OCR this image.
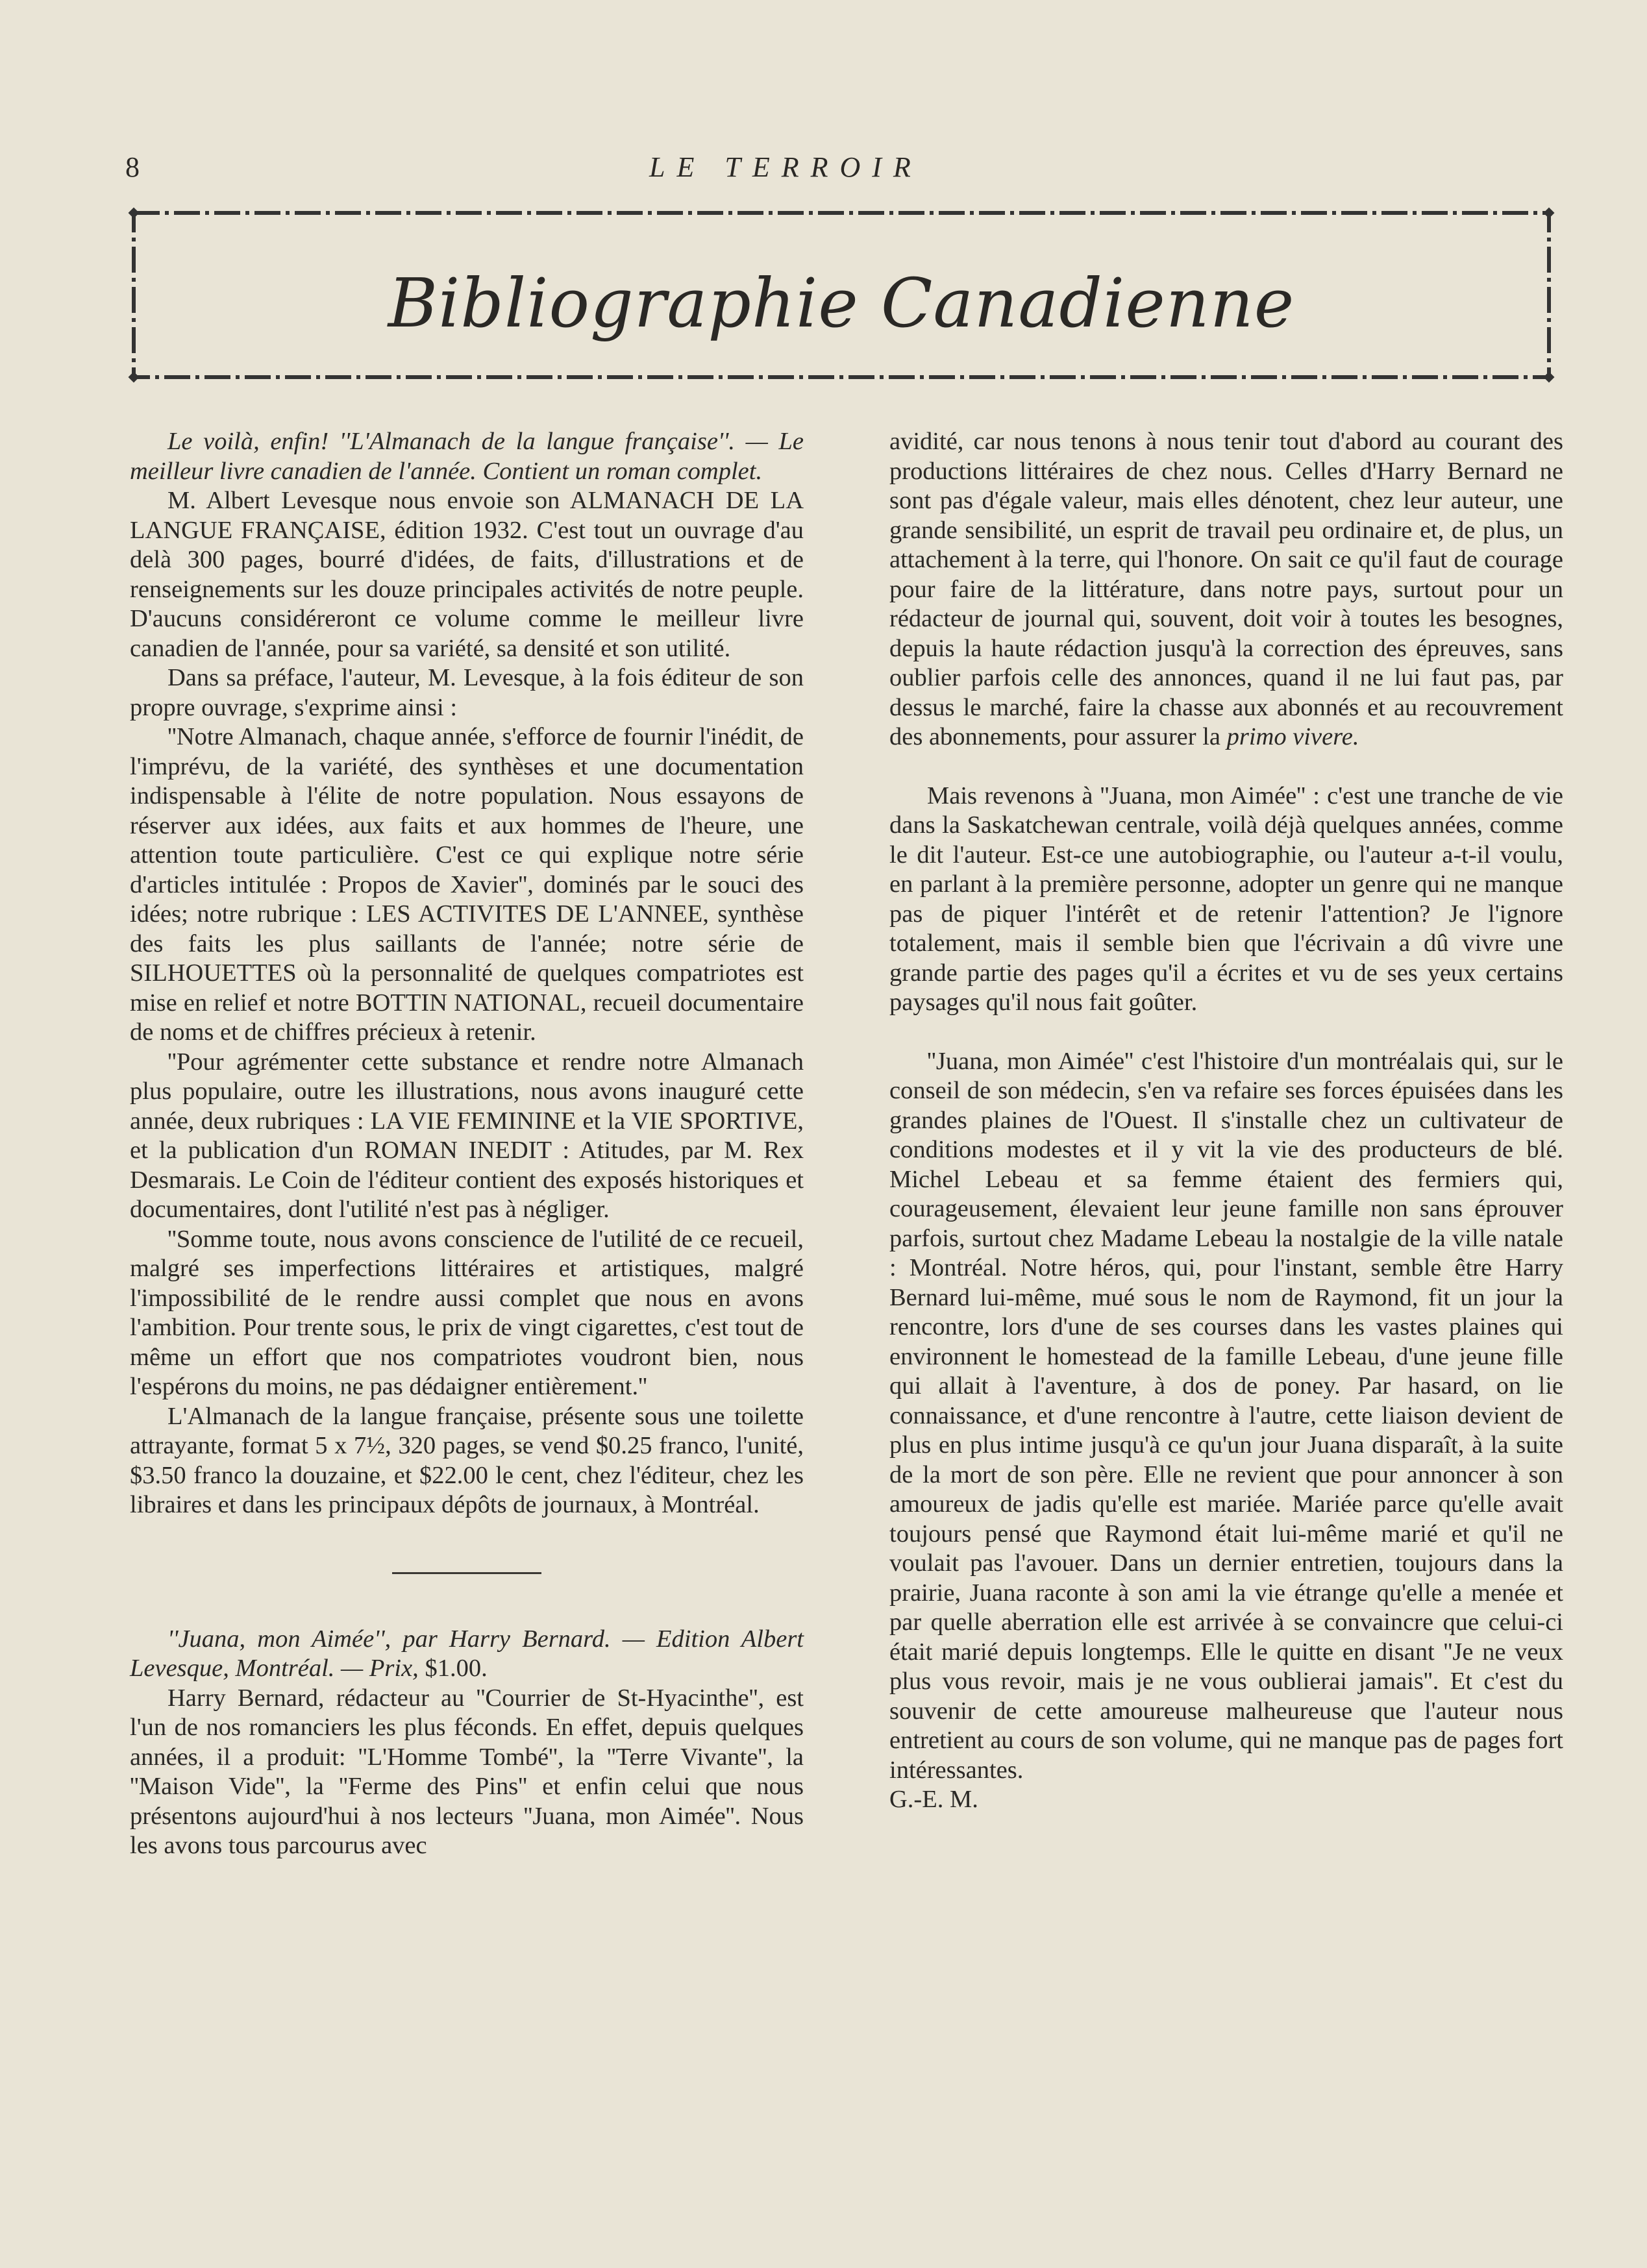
8	LE TERROIR
Bibliographie Canadienne

Le voilà, enfin! ''L'Almanach de la langue française''. — Le meilleur livre canadien de l'année. Contient un roman complet.

M. Albert Levesque nous envoie son ALMANACH DE LA LANGUE FRANÇAISE, édition 1932. C'est tout un ouvrage d'au delà 300 pages, bourré d'idées, de faits, d'illustrations et de renseignements sur les douze principales activités de notre peuple. D'aucuns considéreront ce volume comme le meilleur livre canadien de l'année, pour sa variété, sa densité et son utilité.

Dans sa préface, l'auteur, M. Levesque, à la fois éditeur de son propre ouvrage, s'exprime ainsi :

''Notre Almanach, chaque année, s'efforce de fournir l'inédit, de l'imprévu, de la variété, des synthèses et une documentation indispensable à l'élite de notre population. Nous essayons de réserver aux idées, aux faits et aux hommes de l'heure, une attention toute particulière. C'est ce qui explique notre série d'articles intitulée : Propos de Xavier'', dominés par le souci des idées; notre rubrique : LES ACTIVITES DE L'ANNEE, synthèse des faits les plus saillants de l'année; notre série de SILHOUETTES où la personnalité de quelques compatriotes est mise en relief et notre BOTTIN NATIONAL, recueil documentaire de noms et de chiffres précieux à retenir.

''Pour agrémenter cette substance et rendre notre Almanach plus populaire, outre les illustrations, nous avons inauguré cette année, deux rubriques : LA VIE FEMININE et la VIE SPORTIVE, et la publication d'un ROMAN INEDIT : Atitudes, par M. Rex Desmarais. Le Coin de l'éditeur contient des exposés historiques et documentaires, dont l'utilité n'est pas à négliger.

''Somme toute, nous avons conscience de l'utilité de ce recueil, malgré ses imperfections littéraires et artistiques, malgré l'impossibilité de le rendre aussi complet que nous en avons l'ambition. Pour trente sous, le prix de vingt cigarettes, c'est tout de même un effort que nos compatriotes voudront bien, nous l'espérons du moins, ne pas dédaigner entièrement.''

L'Almanach de la langue française, présente sous une toilette attrayante, format 5 x 7½, 320 pages, se vend $0.25 franco, l'unité, $3.50 franco la douzaine, et $22.00 le cent, chez l'éditeur, chez les libraires et dans les principaux dépôts de journaux, à Montréal.

''Juana, mon Aimée'', par Harry Bernard. — Edition Albert Levesque, Montréal. — Prix, $1.00.

Harry Bernard, rédacteur au ''Courrier de St-Hyacinthe'', est l'un de nos romanciers les plus féconds. En effet, depuis quelques années, il a produit: ''L'Homme Tombé'', la ''Terre Vivante'', la ''Maison Vide'', la ''Ferme des Pins'' et enfin celui que nous présentons aujourd'hui à nos lecteurs ''Juana, mon Aimée''. Nous les avons tous parcourus avec

avidité, car nous tenons à nous tenir tout d'abord au courant des productions littéraires de chez nous. Celles d'Harry Bernard ne sont pas d'égale valeur, mais elles dénotent, chez leur auteur, une grande sensibilité, un esprit de travail peu ordinaire et, de plus, un attachement à la terre, qui l'honore. On sait ce qu'il faut de courage pour faire de la littérature, dans notre pays, surtout pour un rédacteur de journal qui, souvent, doit voir à toutes les besognes, depuis la haute rédaction jusqu'à la correction des épreuves, sans oublier parfois celle des annonces, quand il ne lui faut pas, par dessus le marché, faire la chasse aux abonnés et au recouvrement des abonnements, pour assurer la primo vivere.

Mais revenons à ''Juana, mon Aimée'' : c'est une tranche de vie dans la Saskatchewan centrale, voilà déjà quelques années, comme le dit l'auteur. Est-ce une autobiographie, ou l'auteur a-t-il voulu, en parlant à la première personne, adopter un genre qui ne manque pas de piquer l'intérêt et de retenir l'attention? Je l'ignore totalement, mais il semble bien que l'écrivain a dû vivre une grande partie des pages qu'il a écrites et vu de ses yeux certains paysages qu'il nous fait goûter.

''Juana, mon Aimée'' c'est l'histoire d'un montréalais qui, sur le conseil de son médecin, s'en va refaire ses forces épuisées dans les grandes plaines de l'Ouest. Il s'installe chez un cultivateur de conditions modestes et il y vit la vie des producteurs de blé. Michel Lebeau et sa femme étaient des fermiers qui, courageusement, élevaient leur jeune famille non sans éprouver parfois, surtout chez Madame Lebeau la nostalgie de la ville natale : Montréal. Notre héros, qui, pour l'instant, semble être Harry Bernard lui-même, mué sous le nom de Raymond, fit un jour la rencontre, lors d'une de ses courses dans les vastes plaines qui environnent le homestead de la famille Lebeau, d'une jeune fille qui allait à l'aventure, à dos de poney. Par hasard, on lie connaissance, et d'une rencontre à l'autre, cette liaison devient de plus en plus intime jusqu'à ce qu'un jour Juana disparaît, à la suite de la mort de son père. Elle ne revient que pour annoncer à son amoureux de jadis qu'elle est mariée. Mariée parce qu'elle avait toujours pensé que Raymond était lui-même marié et qu'il ne voulait pas l'avouer. Dans un dernier entretien, toujours dans la prairie, Juana raconte à son ami la vie étrange qu'elle a menée et par quelle aberration elle est arrivée à se convaincre que celui-ci était marié depuis longtemps. Elle le quitte en disant ''Je ne veux plus vous revoir, mais je ne vous oublierai jamais''. Et c'est du souvenir de cette amoureuse malheureuse que l'auteur nous entretient au cours de son volume, qui ne manque pas de pages fort intéressantes.

G.-E. M.
